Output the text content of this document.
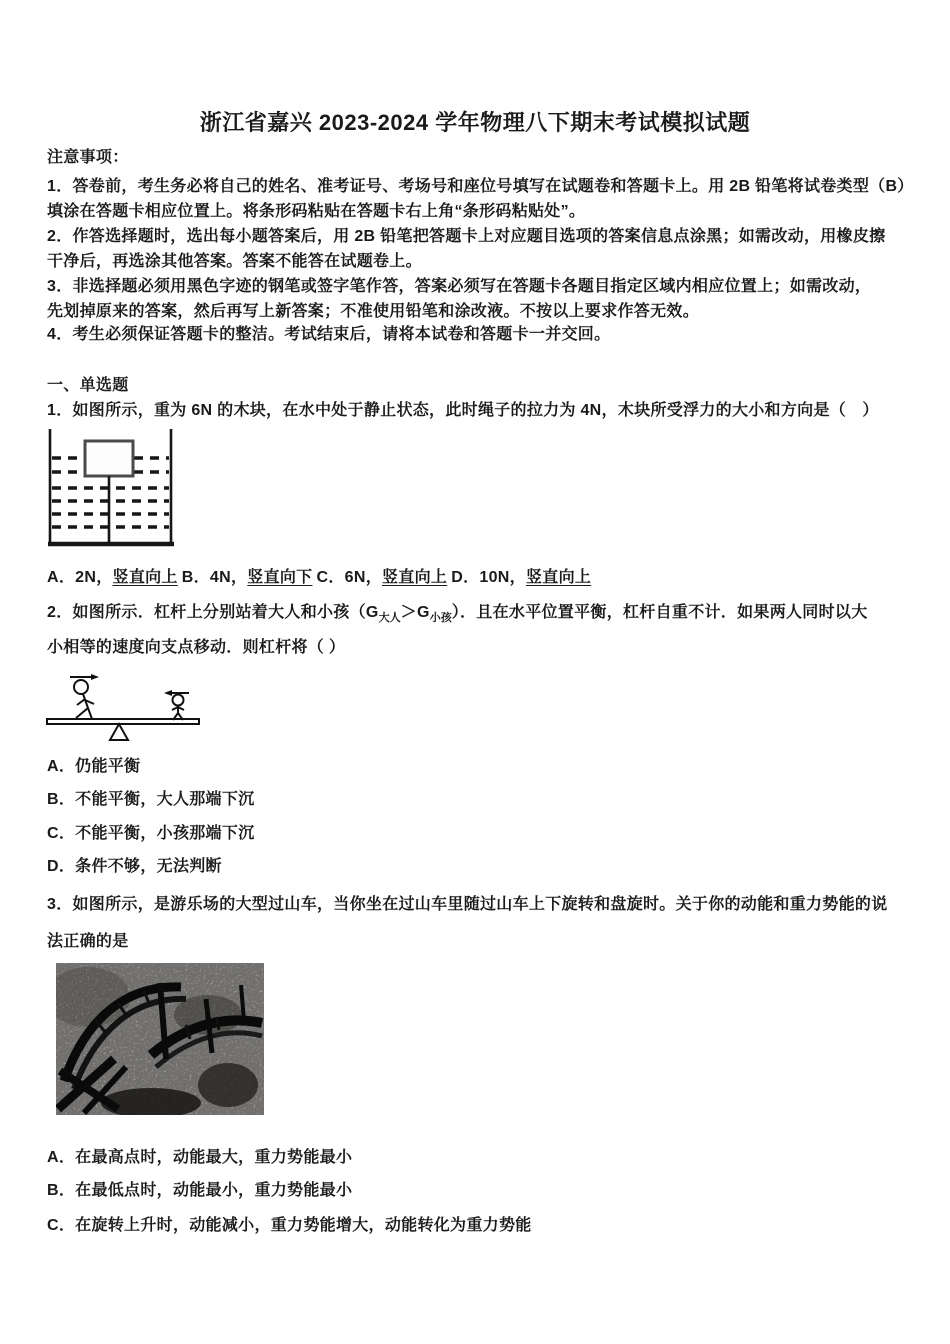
浙江省嘉兴 2023-2024 学年物理八下期末考试模拟试题
注意事项：
1．答卷前，考生务必将自己的姓名、准考证号、考场号和座位号填写在试题卷和答题卡上。用 2B 铅笔将试卷类型（B）
填涂在答题卡相应位置上。将条形码粘贴在答题卡右上角“条形码粘贴处”。
2．作答选择题时，选出每小题答案后，用 2B 铅笔把答题卡上对应题目选项的答案信息点涂黑；如需改动，用橡皮擦
干净后，再选涂其他答案。答案不能答在试题卷上。
3．非选择题必须用黑色字迹的钢笔或签字笔作答，答案必须写在答题卡各题目指定区域内相应位置上；如需改动，
先划掉原来的答案，然后再写上新答案；不准使用铅笔和涂改液。不按以上要求作答无效。
4．考生必须保证答题卡的整洁。考试结束后，请将本试卷和答题卡一并交回。
一、单选题
1．如图所示，重为 6N 的木块，在水中处于静止状态，此时绳子的拉力为 4N，木块所受浮力的大小和方向是（　）
A．2N，竖直向上 B．4N，竖直向下 C．6N，竖直向上 D．10N，竖直向上
2．如图所示．杠杆上分别站着大人和小孩$(G_{大人}>G_{小孩})$．且在水平位置平衡，杠杆自重不计．如果两人同时以大
小相等的速度向支点移动．则杠杆将（ ）
A．仍能平衡
B．不能平衡，大人那端下沉
C．不能平衡，小孩那端下沉
D．条件不够，无法判断
3．如图所示，是游乐场的大型过山车，当你坐在过山车里随过山车上下旋转和盘旋时。关于你的动能和重力势能的说
法正确的是
A．在最高点时，动能最大，重力势能最小
B．在最低点时，动能最小，重力势能最小
C．在旋转上升时，动能减小，重力势能增大，动能转化为重力势能
